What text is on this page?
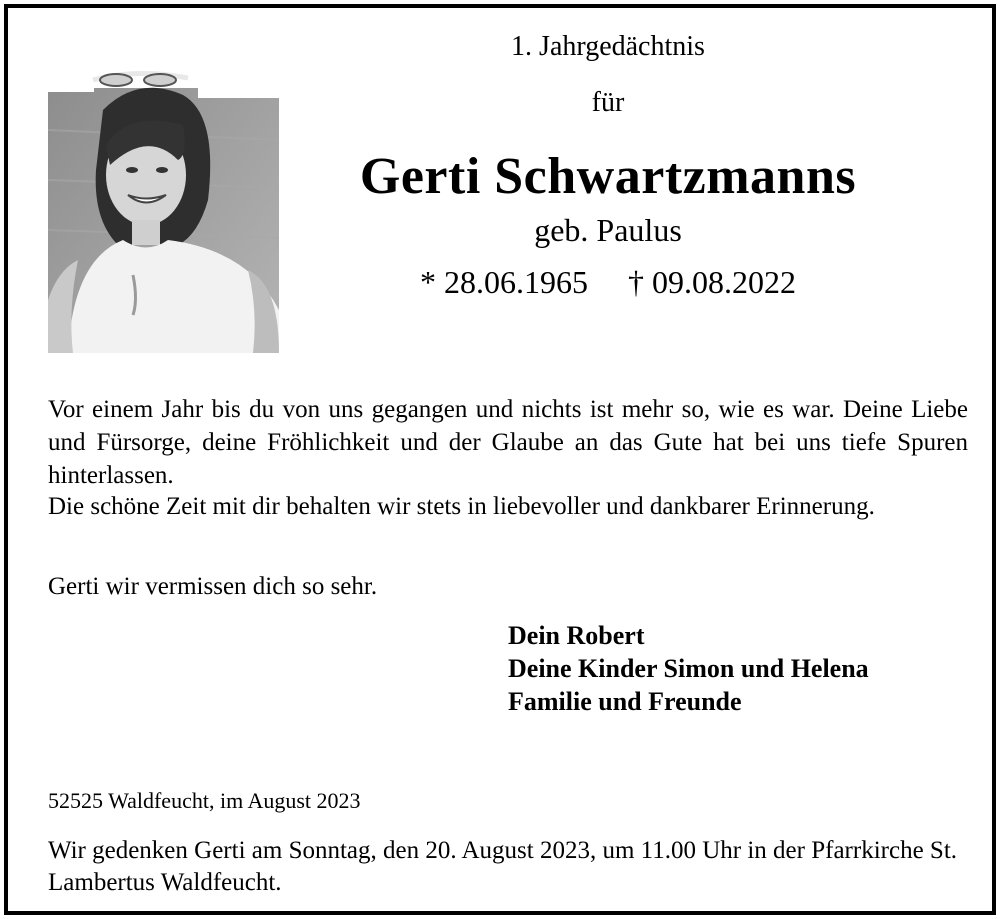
1. Jahrgedächtnis
für
Gerti Schwartzmanns
geb. Paulus
* 28.06.1965 † 09.08.2022
Vor einem Jahr bis du von uns gegangen und nichts ist mehr so, wie es war. Deine Liebe und Fürsorge, deine Fröhlichkeit und der Glaube an das Gute hat bei uns tiefe Spuren hinterlassen.
Die schöne Zeit mit dir behalten wir stets in liebevoller und dankbarer Erinnerung.
Gerti wir vermissen dich so sehr.
Dein Robert
Deine Kinder Simon und Helena
Familie und Freunde
52525 Waldfeucht, im August 2023
Wir gedenken Gerti am Sonntag, den 20. August 2023, um 11.00 Uhr in der Pfarrkirche St. Lambertus Waldfeucht.
